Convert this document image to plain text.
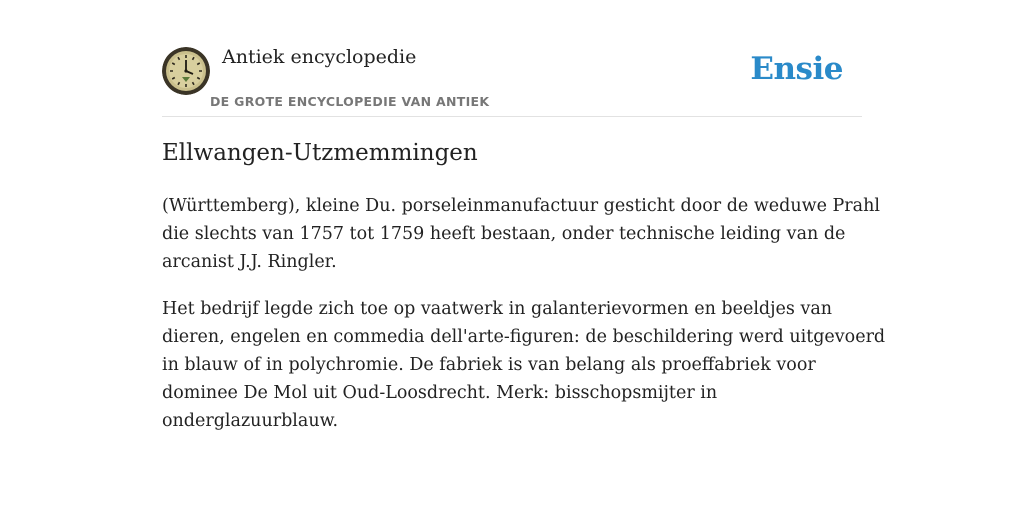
Antiek encyclopedie
DE GROTE ENCYCLOPEDIE VAN ANTIEK
Ensie
Ellwangen-Utzmemmingen

(Württemberg), kleine Du. porseleinmanufactuur gesticht door de weduwe Prahl
die slechts van 1757 tot 1759 heeft bestaan, onder technische leiding van de
arcanist J.J. Ringler.

Het bedrijf legde zich toe op vaatwerk in galanterievormen en beeldjes van
dieren, engelen en commedia dell'arte-figuren: de beschildering werd uitgevoerd
in blauw of in polychromie. De fabriek is van belang als proeffabriek voor
dominee De Mol uit Oud-Loosdrecht. Merk: bisschopsmijter in
onderglazuurblauw.
